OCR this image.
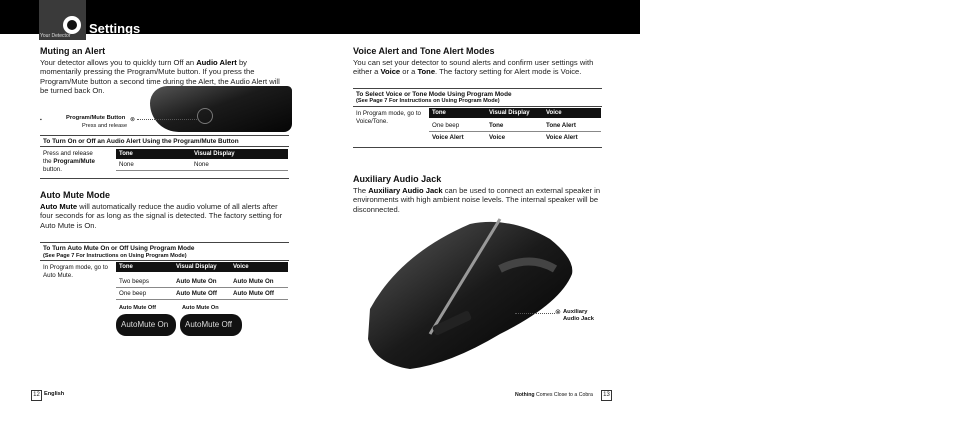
Your Detector Settings
Muting an Alert
Your detector allows you to quickly turn Off an Audio Alert by momentarily pressing the Program/Mute button. If you press the Program/Mute button a second time during the Alert, the Audio Alert will be turned back On.
▪	Program/Mute Button
Press and release
⊗
To Turn On or Off an Audio Alert Using the Program/Mute Button
Press and release
the Program/Mute
button.
Tone	Visual Display
None	None
Auto Mute Mode
Auto Mute will automatically reduce the audio volume of all alerts after four seconds for as long as the signal is detected. The factory setting for Auto Mute is On.
To Turn Auto Mute On or Off Using Program Mode
(See Page 7 For Instructions on Using Program Mode)
In Program mode, go to Auto Mute.
Tone	Visual Display	Voice
Two beeps	Auto Mute On	Auto Mute On
One beep	Auto Mute Off	Auto Mute Off
Auto Mute Off	Auto Mute On
AutoMute On AutoMute Off
12 English
Voice Alert and Tone Alert Modes
You can set your detector to sound alerts and confirm user settings with either a Voice or a Tone. The factory setting for Alert mode is Voice.
To Select Voice or Tone Mode Using Program Mode
(See Page 7 For Instructions on Using Program Mode)
In Program mode, go to Voice/Tone.
Tone	Visual Display	Voice
One beep	Tone	Tone Alert
Voice Alert	Voice	Voice Alert
Auxiliary Audio Jack
The Auxiliary Audio Jack can be used to connect an external speaker in environments with high ambient noise levels. The internal speaker will be disconnected.
⊗ Auxiliary
Audio Jack
Nothing Comes Close to a Cobra	13
